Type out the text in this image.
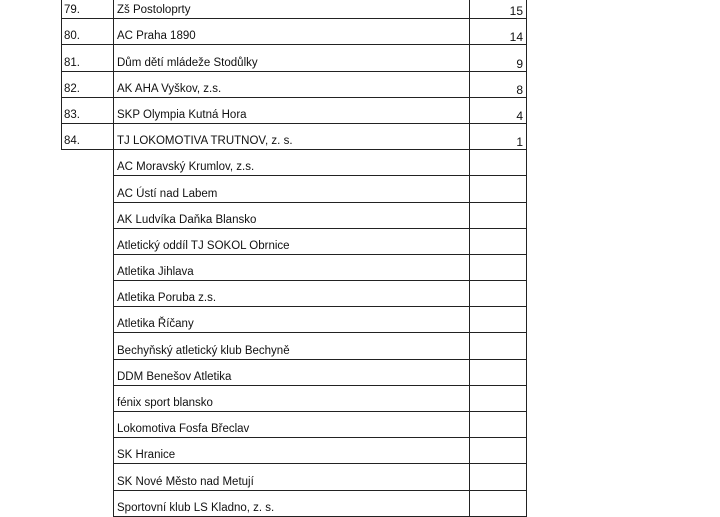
79.	Zš Postoloprty	15
80.	AC Praha 1890	14
81.	Dům dětí mládeže Stodůlky	9
82.	AK AHA Vyškov, z.s.	8
83.	SKP Olympia Kutná Hora	4
84.	TJ LOKOMOTIVA TRUTNOV, z. s.	1
	AC Moravský Krumlov, z.s.	
	AC Ústí nad Labem	
	AK Ludvíka Daňka Blansko	
	Atletický oddíl TJ SOKOL Obrnice	
	Atletika Jihlava	
	Atletika Poruba z.s.	
	Atletika Říčany	
	Bechyňský atletický klub Bechyně	
	DDM Benešov Atletika	
	fénix sport blansko	
	Lokomotiva Fosfa Břeclav	
	SK Hranice	
	SK Nové Město nad Metují	
	Sportovní klub LS Kladno, z. s.	
